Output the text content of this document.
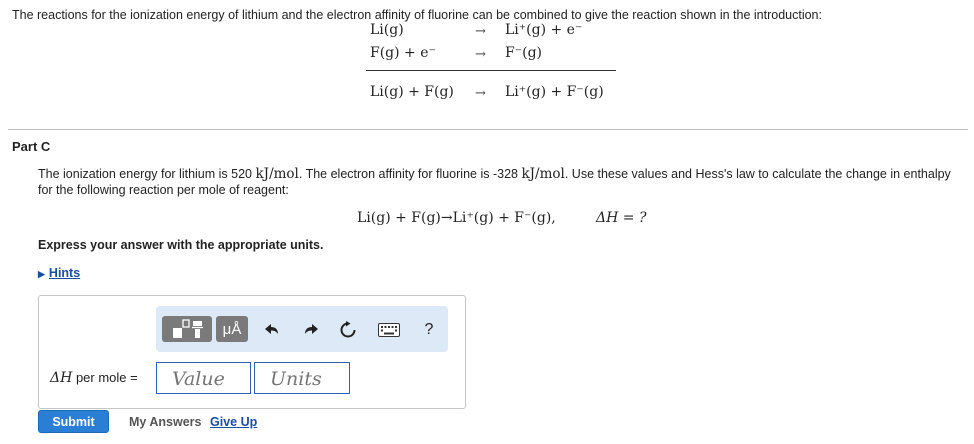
The reactions for the ionization energy of lithium and the electron affinity of fluorine can be combined to give the reaction shown in the introduction:
Li(g)	→ Li⁺(g) + e⁻
F(g) + e⁻	→ F⁻(g)
Li(g) + F(g) → Li⁺(g) + F⁻(g)
Part C
The ionization energy for lithium is 520 kJ/mol. The electron affinity for fluorine is -328 kJ/mol. Use these values and Hess's law to calculate the change in enthalpy for the following reaction per mole of reagent:
Li(g) + F(g)→Li⁺(g) + F⁻(g),	ΔH = ?
Express your answer with the appropriate units.
▶ Hints
μÅ	?
ΔH per mole =
Value
Units
Submit	My Answers Give Up
